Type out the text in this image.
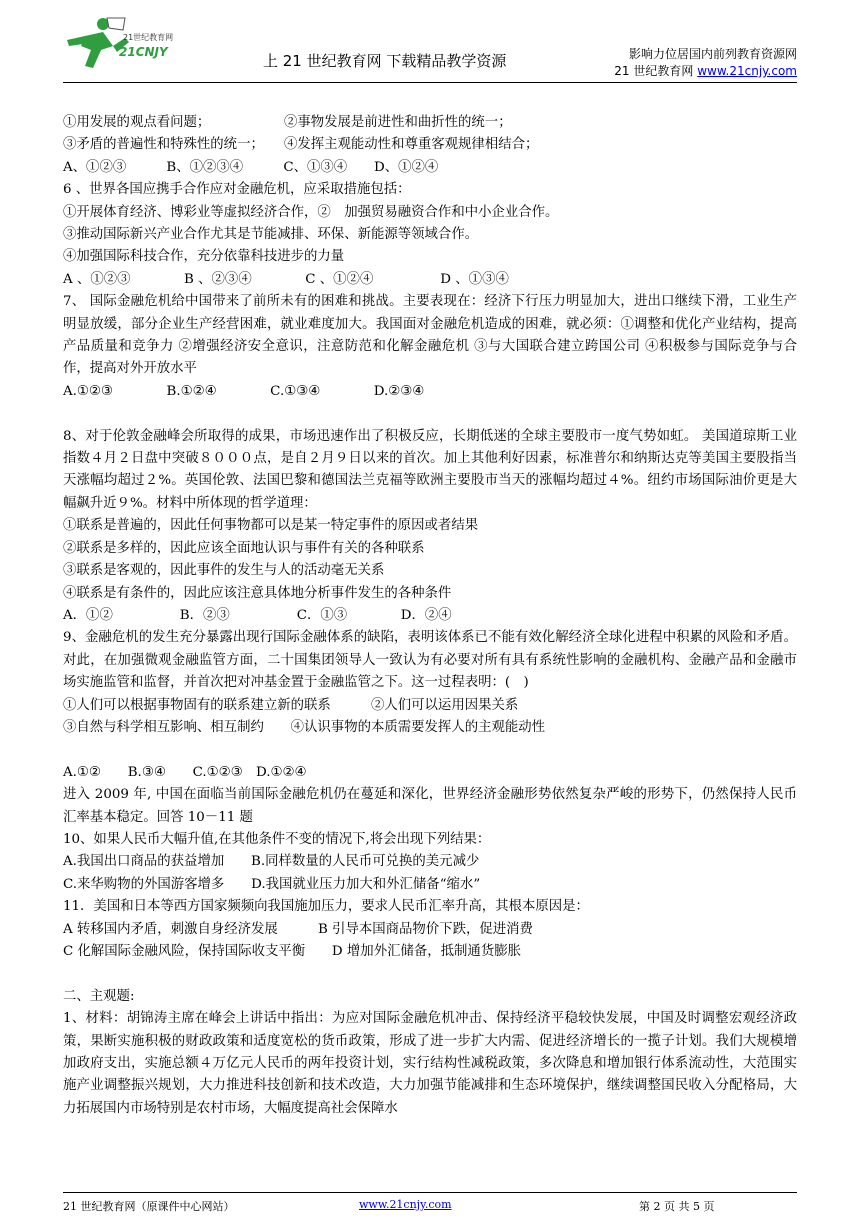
21世纪教育网
21CNJY	上 21 世纪教育网 下载精品教学资源	影响力位居国内前列教育资源网
21 世纪教育网 www.21cnjy.com

①用发展的观点看问题；　　　　　　②事物发展是前进性和曲折性的统一；

③矛盾的普遍性和特殊性的统一；　　④发挥主观能动性和尊重客观规律相结合；

A、①②③　　　B、①②③④　　　C、①③④　　D、①②④

6 、世界各国应携手合作应对金融危机，应采取措施包括：

①开展体育经济、博彩业等虚拟经济合作，②　加强贸易融资合作和中小企业合作。

③推动国际新兴产业合作尤其是节能减排、环保、新能源等领域合作。

④加强国际科技合作，充分依靠科技进步的力量

A 、①②③　　　　B 、②③④　　　　C 、①②④　　　　　D 、①③④

7、 国际金融危机给中国带来了前所未有的困难和挑战。主要表现在：经济下行压力明显加大，进出口继续下滑，工业生产明显放缓，部分企业生产经营困难，就业难度加大。我国面对金融危机造成的困难，就必须：①调整和优化产业结构，提高产品质量和竞争力 ②增强经济安全意识，注意防范和化解金融危机 ③与大国联合建立跨国公司 ④积极参与国际竞争与合作，提高对外开放水平

A.①②③　　　　B.①②④　　　　C.①③④　　　　D.②③④

8、对于伦敦金融峰会所取得的成果，市场迅速作出了积极反应，长期低迷的全球主要股市一度气势如虹。 美国道琼斯工业指数４月２日盘中突破８０００点，是自２月９日以来的首次。加上其他利好因素，标准普尔和纳斯达克等美国主要股指当天涨幅均超过２%。英国伦敦、法国巴黎和德国法兰克福等欧洲主要股市当天的涨幅均超过４%。纽约市场国际油价更是大幅飙升近９%。材料中所体现的哲学道理：

①联系是普遍的，因此任何事物都可以是某一特定事件的原因或者结果

②联系是多样的，因此应该全面地认识与事件有关的各种联系

③联系是客观的，因此事件的发生与人的活动毫无关系

④联系是有条件的，因此应该注意具体地分析事件发生的各种条件

A．①②　　　　　B．②③　　　　　C．①③　　　　D．②④

9、金融危机的发生充分暴露出现行国际金融体系的缺陷，表明该体系已不能有效化解经济全球化进程中积累的风险和矛盾。 对此，在加强微观金融监管方面，二十国集团领导人一致认为有必要对所有具有系统性影响的金融机构、金融产品和金融市场实施监管和监督，并首次把对冲基金置于金融监管之下。这一过程表明：(　)

①人们可以根据事物固有的联系建立新的联系　　　②人们可以运用因果关系

③自然与科学相互影响、相互制约　　④认识事物的本质需要发挥人的主观能动性

A.①②　　B.③④　　C.①②③　D.①②④

进入 2009 年, 中国在面临当前国际金融危机仍在蔓延和深化，世界经济金融形势依然复杂严峻的形势下，仍然保持人民币汇率基本稳定。回答 10－11 题

10、如果人民币大幅升值,在其他条件不变的情况下,将会出现下列结果：

A.我国出口商品的获益增加　　B.同样数量的人民币可兑换的美元减少

C.来华购物的外国游客增多　　D.我国就业压力加大和外汇储备“缩水”

11．美国和日本等西方国家频频向我国施加压力，要求人民币汇率升高，其根本原因是：

A 转移国内矛盾，刺激自身经济发展　　　B 引导本国商品物价下跌，促进消费

C 化解国际金融风险，保持国际收支平衡　　D 增加外汇储备，抵制通货膨胀

二、主观题:

1、材料：胡锦涛主席在峰会上讲话中指出：为应对国际金融危机冲击、保持经济平稳较快发展，中国及时调整宏观经济政策，果断实施积极的财政政策和适度宽松的货币政策，形成了进一步扩大内需、促进经济增长的一揽子计划。我们大规模增加政府支出，实施总额４万亿元人民币的两年投资计划，实行结构性减税政策，多次降息和增加银行体系流动性，大范围实施产业调整振兴规划，大力推进科技创新和技术改造，大力加强节能减排和生态环境保护，继续调整国民收入分配格局，大力拓展国内市场特别是农村市场，大幅度提高社会保障水

21 世纪教育网（原课件中心网站）	www.21cnjy.com	第 2 页 共 5 页
